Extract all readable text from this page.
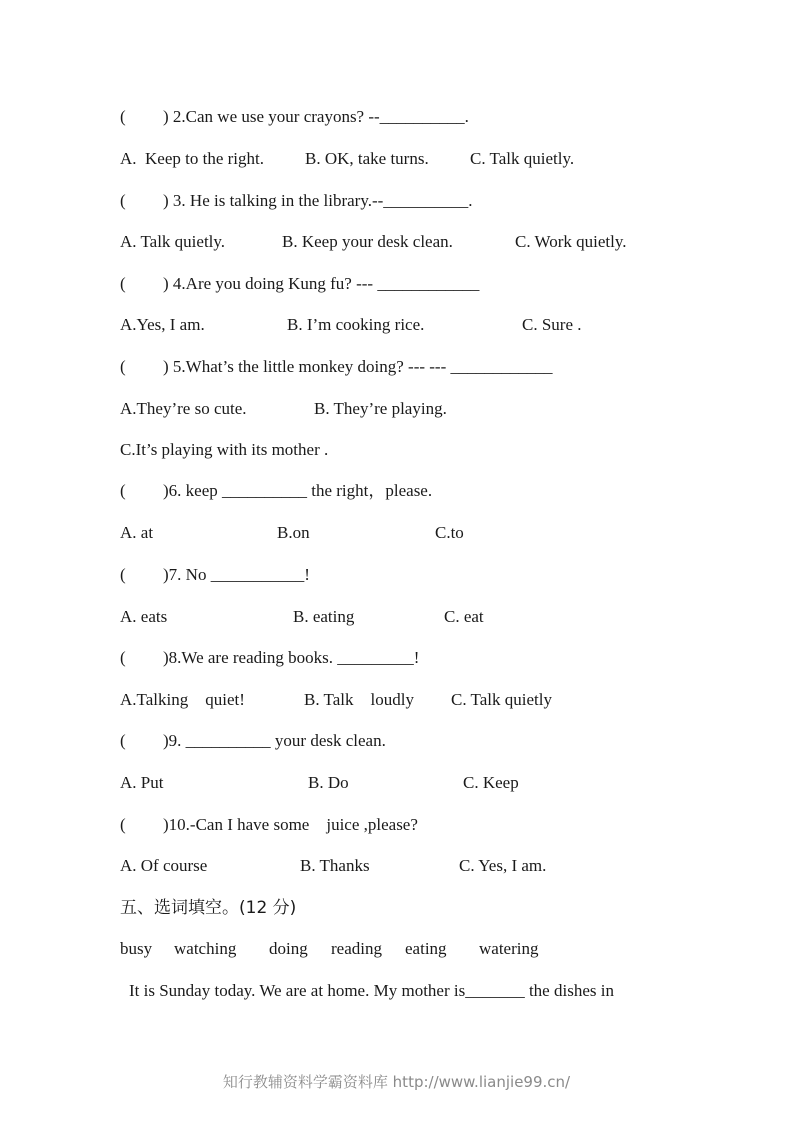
(

) 2.Can we use your crayons? --__________.

A.  Keep to the right.

B. OK, take turns.

C. Talk quietly.

(

) 3. He is talking in the library.--__________.

A. Talk quietly.

	B. Keep your desk clean.

	C. Work quietly.

(

) 4.Are you doing Kung fu? --- ____________

A.Yes, I am.

	B. I’m cooking rice.

	C. Sure .

(

) 5.What’s the little monkey doing? --- --- ____________

A.They’re so cute.

	B. They’re playing.

C.It’s playing with its mother .

(

)6. keep __________ the right，please.

A. at

	B.on

	C.to

(

)7. No ___________!

A. eats

	B. eating

	C. eat

(

)8.We are reading books. _________!

A.Talking    quiet!

	B. Talk    loudly

C. Talk quietly

(

)9. __________ your desk clean.

A. Put

	B. Do

	C. Keep

(

)10.-Can I have some    juice ,please?

A. Of course

	B. Thanks

	C. Yes, I am.

五、选词填空。(12 分)

busy

watching

doing

reading

eating

watering

It is Sunday today. We are at home. My mother is_______ the dishes in

知行教辅资料学霸资料库 http://www.lianjie99.cn/
